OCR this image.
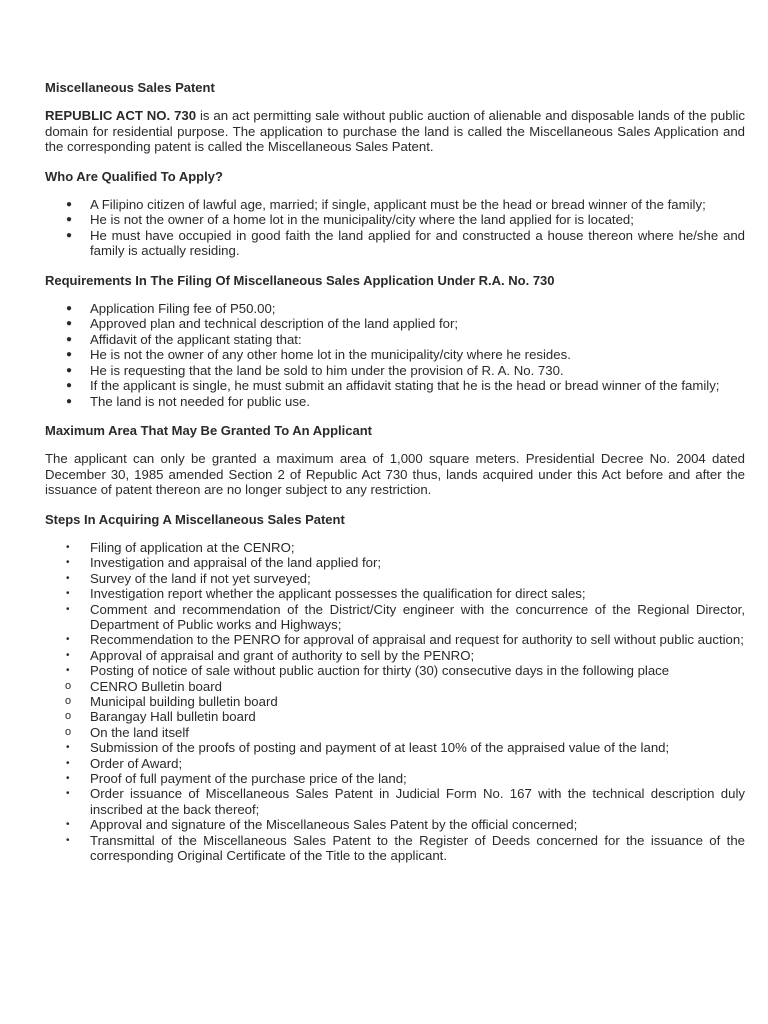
Miscellaneous Sales Patent

REPUBLIC ACT NO. 730 is an act permitting sale without public auction of alienable and disposable lands of the public domain for residential purpose. The application to purchase the land is called the Miscellaneous Sales Application and the corresponding patent is called the Miscellaneous Sales Patent.

Who Are Qualified To Apply?
●	A Filipino citizen of lawful age, married; if single, applicant must be the head or bread winner of the family;
●	He is not the owner of a home lot in the municipality/city where the land applied for is located;
●	He must have occupied in good faith the land applied for and constructed a house thereon where he/she and family is actually residing.
Requirements In The Filing Of Miscellaneous Sales Application Under R.A. No. 730
●	Application Filing fee of P50.00;
●	Approved plan and technical description of the land applied for;
●	Affidavit of the applicant stating that:
●	He is not the owner of any other home lot in the municipality/city where he resides.
●	He is requesting that the land be sold to him under the provision of R. A. No. 730.
●	If the applicant is single, he must submit an affidavit stating that he is the head or bread winner of the family;
●	The land is not needed for public use.
Maximum Area That May Be Granted To An Applicant

The applicant can only be granted a maximum area of 1,000 square meters. Presidential Decree No. 2004 dated December 30, 1985 amended Section 2 of Republic Act 730 thus, lands acquired under this Act before and after the issuance of patent thereon are no longer subject to any restriction.

Steps In Acquiring A Miscellaneous Sales Patent
•	Filing of application at the CENRO;
•	Investigation and appraisal of the land applied for;
•	Survey of the land if not yet surveyed;
•	Investigation report whether the applicant possesses the qualification for direct sales;
•	Comment and recommendation of the District/City engineer with the concurrence of the Regional Director, Department of Public works and Highways;
•	Recommendation to the PENRO for approval of appraisal and request for authority to sell without public auction;
•	Approval of appraisal and grant of authority to sell by the PENRO;
•	Posting of notice of sale without public auction for thirty (30) consecutive days in the following place
o	CENRO Bulletin board
o	Municipal building bulletin board
o	Barangay Hall bulletin board
o	On the land itself
•	Submission of the proofs of posting and payment of at least 10% of the appraised value of the land;
•	Order of Award;
•	Proof of full payment of the purchase price of the land;
•	Order issuance of Miscellaneous Sales Patent in Judicial Form No. 167 with the technical description duly inscribed at the back thereof;
•	Approval and signature of the Miscellaneous Sales Patent by the official concerned;
•	Transmittal of the Miscellaneous Sales Patent to the Register of Deeds concerned for the issuance of the corresponding Original Certificate of the Title to the applicant.
